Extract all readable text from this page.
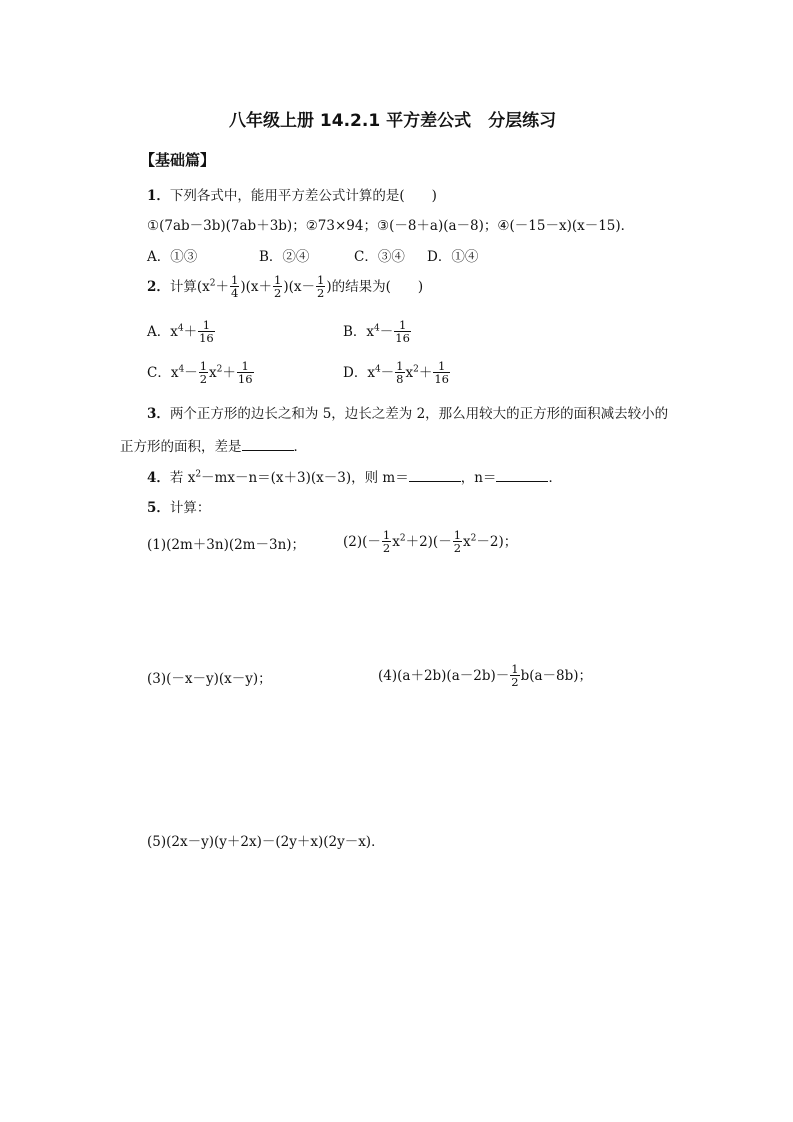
八年级上册 14.2.1 平方差公式　分层练习
【基础篇】
1．下列各式中，能用平方差公式计算的是(　　)
①(7ab－3b)(7ab＋3b)；②73×94；③(－8＋a)(a－8)；④(－15－x)(x－15)．
A．①③	B．②④	C．③④ D．①④
2．计算$(x^2+ \frac{1}{4} )(x+ \frac{1}{2} )(x- \frac{1}{2}$ )的结果为(　　)
A．$x^4+ \frac{1}{16}$	B．$x^4- \frac{1}{16}$
C．$x^4- \frac{1}{2} x^2+ \frac{1}{16}$	D．$x^4- \frac{1}{8} x^2+ \frac{1}{16}$
3．两个正方形的边长之和为 5，边长之差为 2，那么用较大的正方形的面积减去较小的
正方形的面积，差是	．
4．若 $x^2-mx-n=(x+3)(x-3)$，则 m＝	，n＝	．
5．计算：
(1)(2m＋3n)(2m－3n)；	$(2)(- \frac{1}{2} x^2+2)(- \frac{1}{2} x^2-2)$；
(3)(－x－y)(x－y)；	$(4)(a+2b)(a-2b)- \frac{1}{2} b(a-8b)$；
(5)(2x－y)(y＋2x)－(2y＋x)(2y－x)．
